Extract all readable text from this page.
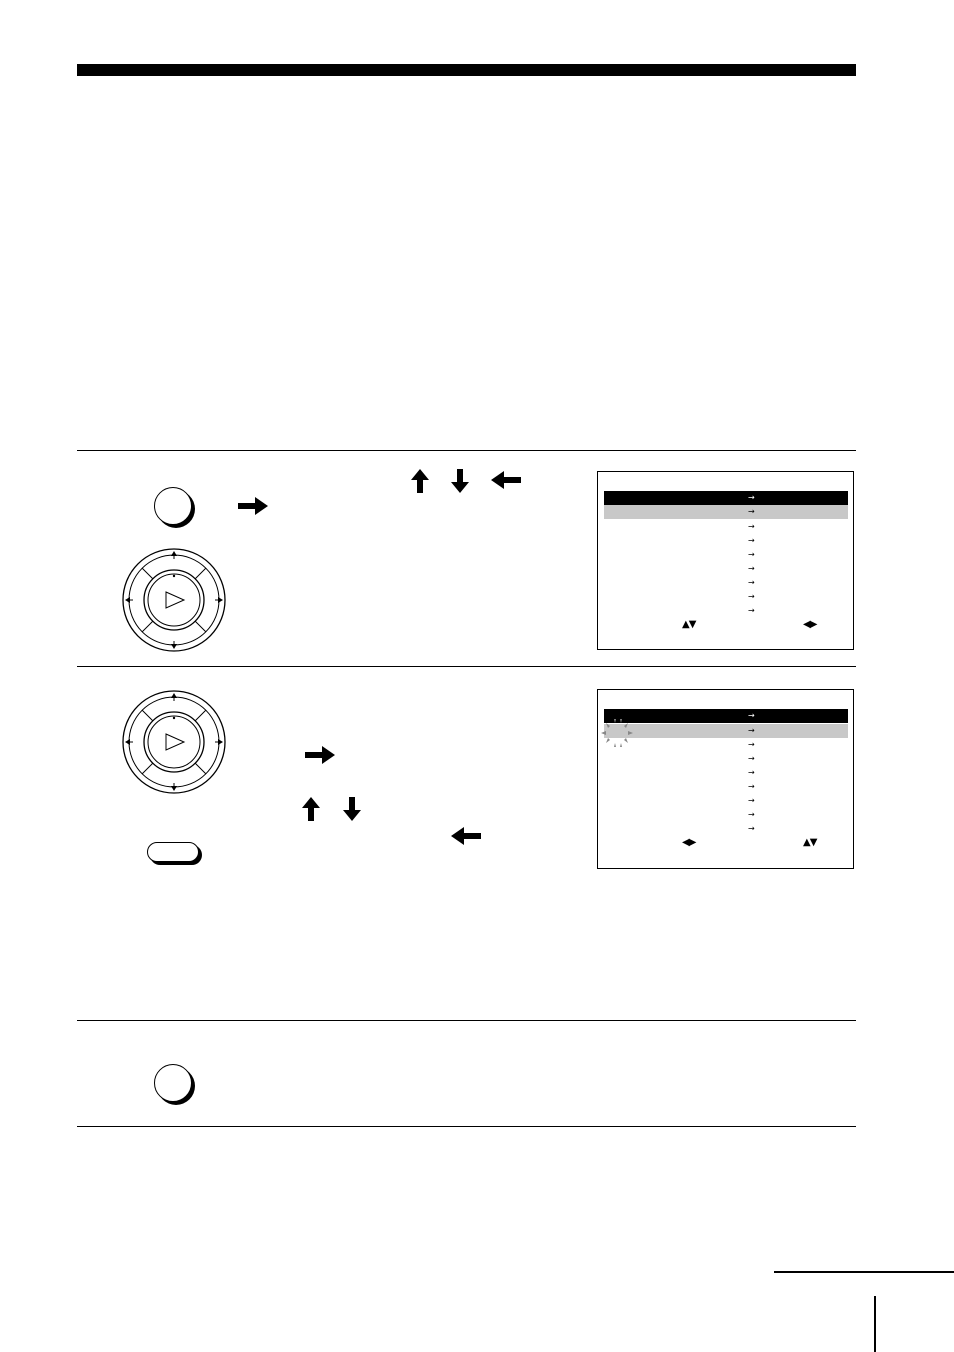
→
→
→
→
→
→
→
→
→
▲▼	◀▶
→
→
→
→
→
→
→
→
→
◀▶	▲▼
